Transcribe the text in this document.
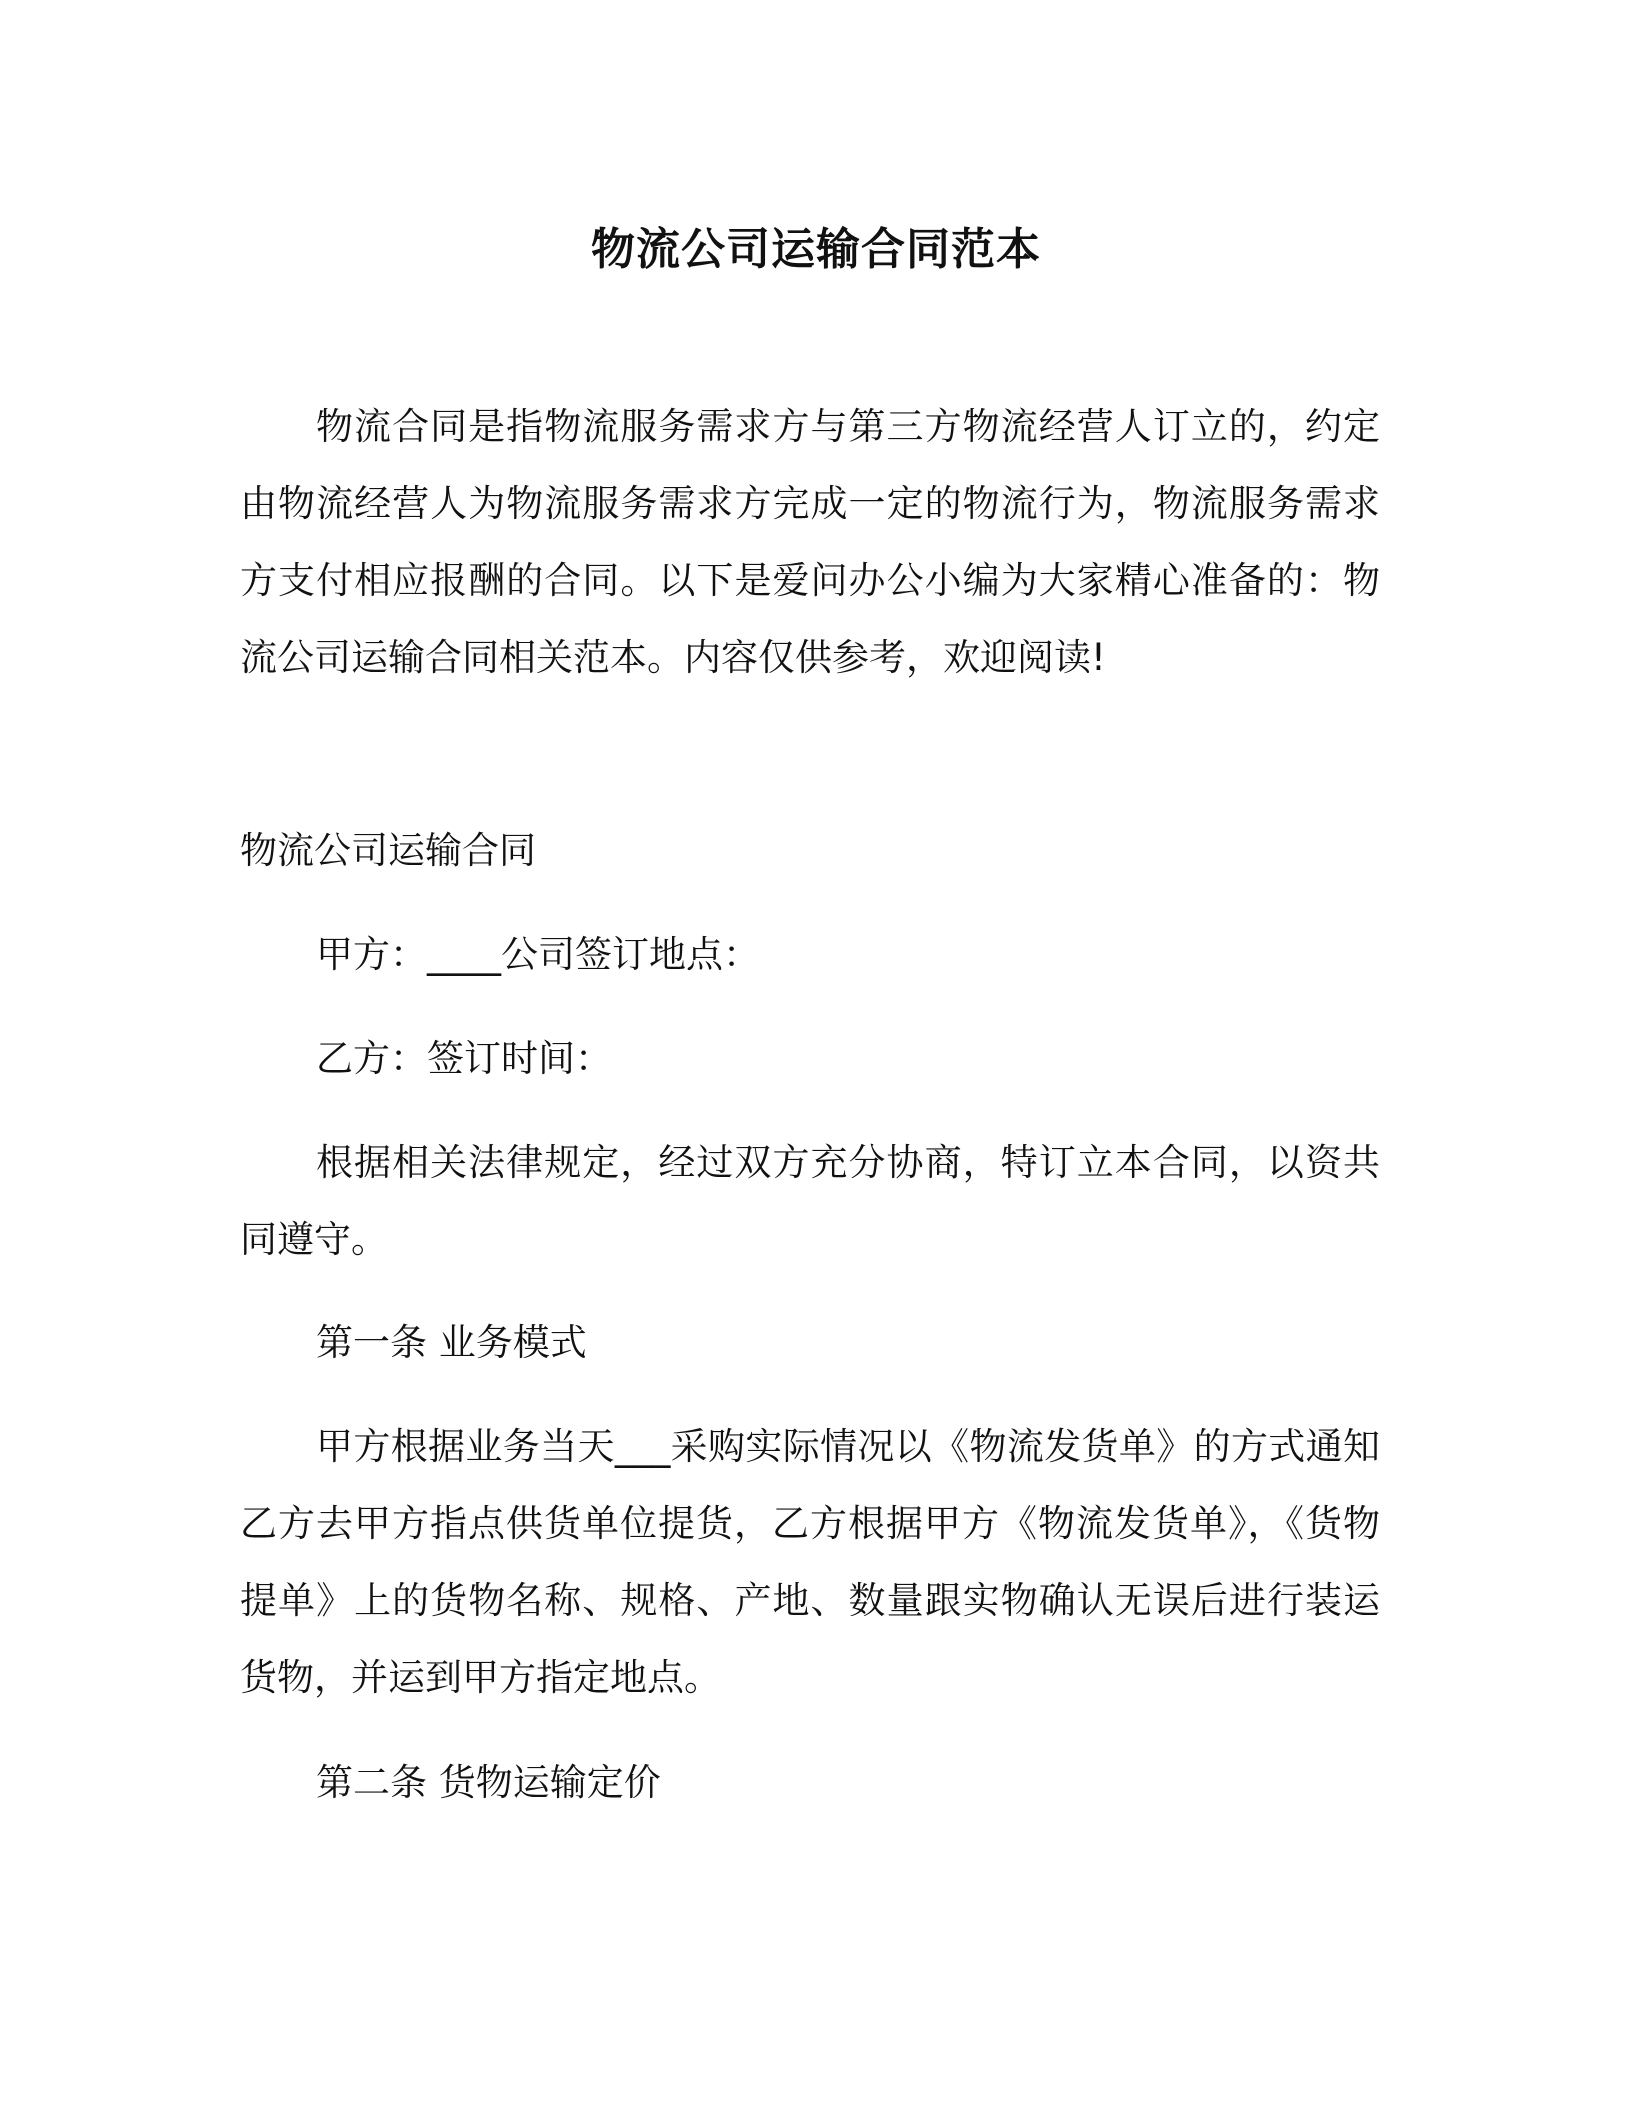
物流公司运输合同范本

物流合同是指物流服务需求方与第三方物流经营人订立的，约定由物流经营人为物流服务需求方完成一定的物流行为，物流服务需求方支付相应报酬的合同。以下是爱问办公小编为大家精心准备的：物流公司运输合同相关范本。内容仅供参考，欢迎阅读!

物流公司运输合同
甲方：____公司签订地点：
乙方：签订时间：

根据相关法律规定，经过双方充分协商，特订立本合同，以资共同遵守。

第一条 业务模式

甲方根据业务当天___采购实际情况以《物流发货单》的方式通知乙方去甲方指点供货单位提货，乙方根据甲方《物流发货单》，《货物提单》上的货物名称、规格、产地、数量跟实物确认无误后进行装运货物，并运到甲方指定地点。

第二条 货物运输定价
